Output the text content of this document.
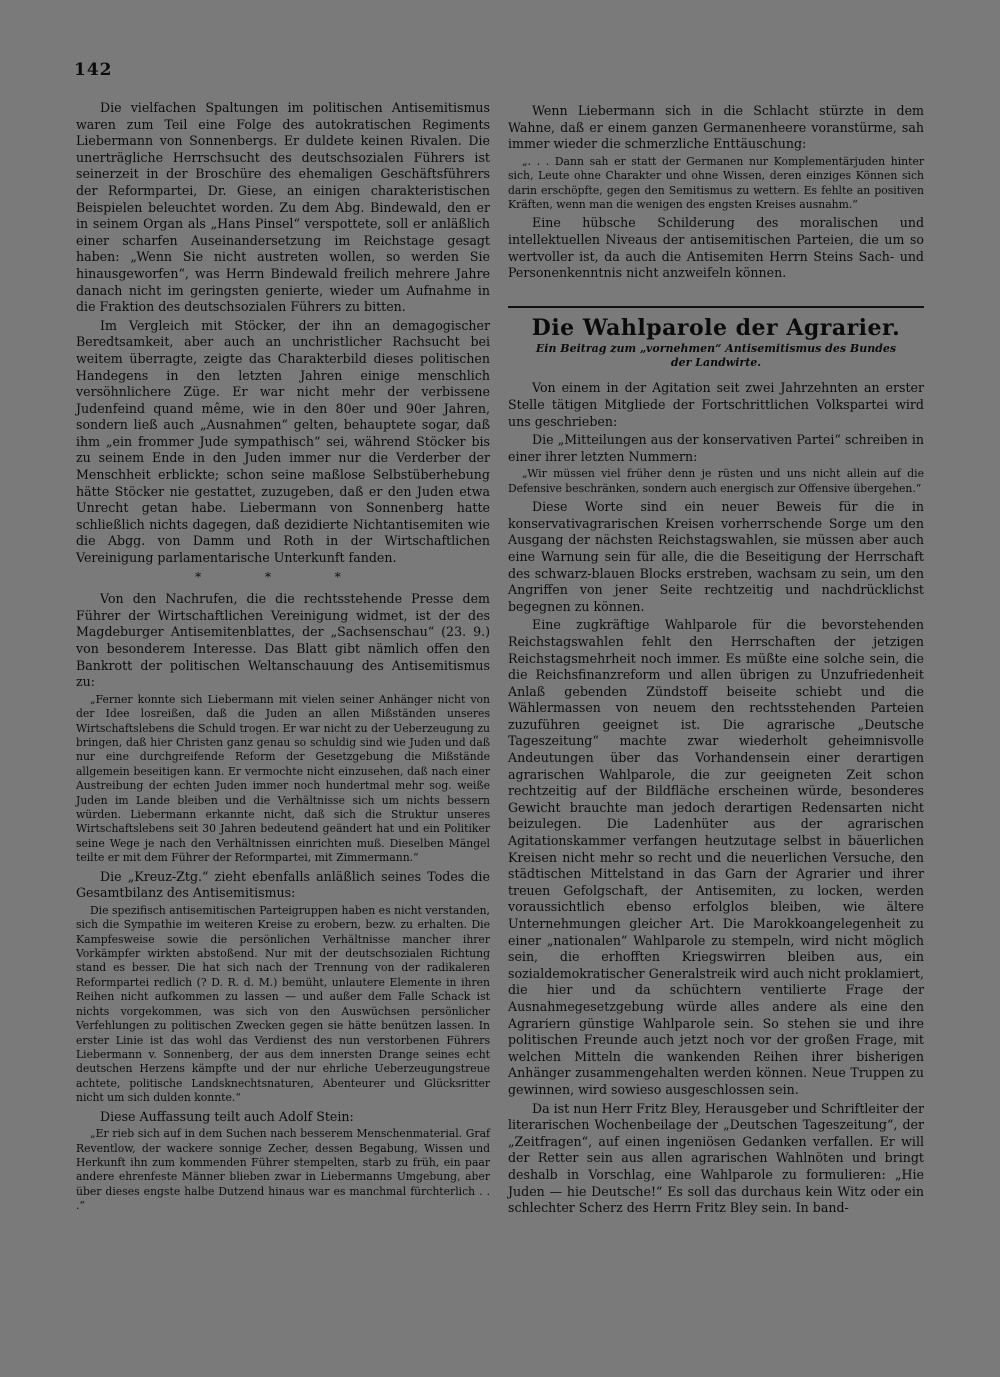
142

Die vielfachen Spaltungen im politischen Antisemitismus waren zum Teil eine Folge des autokratischen Regiments Liebermann von Sonnenbergs. Er duldete keinen Rivalen. Die unerträgliche Herrschsucht des deutschsozialen Führers ist seinerzeit in der Broschüre des ehemaligen Geschäftsführers der Reformpartei, Dr. Giese, an einigen charakteristischen Beispielen beleuchtet worden. Zu dem Abg. Bindewald, den er in seinem Organ als „Hans Pinsel“ verspottete, soll er anläßlich einer scharfen Auseinandersetzung im Reichstage gesagt haben: „Wenn Sie nicht austreten wollen, so werden Sie hinausgeworfen“, was Herrn Bindewald freilich mehrere Jahre danach nicht im geringsten genierte, wieder um Aufnahme in die Fraktion des deutschsozialen Führers zu bitten.

Im Vergleich mit Stöcker, der ihn an demagogischer Beredtsamkeit, aber auch an unchristlicher Rachsucht bei weitem überragte, zeigte das Charakterbild dieses politischen Handegens in den letzten Jahren einige menschlich versöhnlichere Züge. Er war nicht mehr der verbissene Judenfeind quand même, wie in den 80er und 90er Jahren, sondern ließ auch „Ausnahmen“ gelten, behauptete sogar, daß ihm „ein frommer Jude sympathisch“ sei, während Stöcker bis zu seinem Ende in den Juden immer nur die Verderber der Menschheit erblickte; schon seine maßlose Selbstüberhebung hätte Stöcker nie gestattet, zuzugeben, daß er den Juden etwa Unrecht getan habe. Liebermann von Sonnenberg hatte schließlich nichts dagegen, daß dezidierte Nichtantisemiten wie die Abgg. von Damm und Roth in der Wirtschaftlichen Vereinigung parlamentarische Unterkunft fanden.

* * *

Von den Nachrufen, die die rechtsstehende Presse dem Führer der Wirtschaftlichen Vereinigung widmet, ist der des Magdeburger Antisemitenblattes, der „Sachsenschau“ (23. 9.) von besonderem Interesse. Das Blatt gibt nämlich offen den Bankrott der politischen Weltanschauung des Antisemitismus zu:

„Ferner konnte sich Liebermann mit vielen seiner Anhänger nicht von der Idee losreißen, daß die Juden an allen Mißständen unseres Wirtschaftslebens die Schuld trogen. Er war nicht zu der Ueberzeugung zu bringen, daß hier Christen ganz genau so schuldig sind wie Juden und daß nur eine durchgreifende Reform der Gesetzgebung die Mißstände allgemein beseitigen kann. Er vermochte nicht einzusehen, daß nach einer Austreibung der echten Juden immer noch hundertmal mehr sog. weiße Juden im Lande bleiben und die Verhältnisse sich um nichts bessern würden. Liebermann erkannte nicht, daß sich die Struktur unseres Wirtschaftslebens seit 30 Jahren bedeutend geändert hat und ein Politiker seine Wege je nach den Verhältnissen einrichten muß. Dieselben Mängel teilte er mit dem Führer der Reformpartei, mit Zimmermann.“

Die „Kreuz-Ztg.“ zieht ebenfalls anläßlich seines Todes die Gesamtbilanz des Antisemitismus:

Die spezifisch antisemitischen Parteigruppen haben es nicht verstanden, sich die Sympathie im weiteren Kreise zu erobern, bezw. zu erhalten. Die Kampfesweise sowie die persönlichen Verhältnisse mancher ihrer Vorkämpfer wirkten abstoßend. Nur mit der deutschsozialen Richtung stand es besser. Die hat sich nach der Trennung von der radikaleren Reformpartei redlich (? D. R. d. M.) bemüht, unlautere Elemente in ihren Reihen nicht aufkommen zu lassen — und außer dem Falle Schack ist nichts vorgekommen, was sich von den Auswüchsen persönlicher Verfehlungen zu politischen Zwecken gegen sie hätte benützen lassen. In erster Linie ist das wohl das Verdienst des nun verstorbenen Führers Liebermann v. Sonnenberg, der aus dem innersten Drange seines echt deutschen Herzens kämpfte und der nur ehrliche Ueberzeugungstreue achtete, politische Landsknechtsnaturen, Abenteurer und Glücksritter nicht um sich dulden konnte.“

Diese Auffassung teilt auch Adolf Stein:

„Er rieb sich auf in dem Suchen nach besserem Menschenmaterial. Graf Reventlow, der wackere sonnige Zecher, dessen Begabung, Wissen und Herkunft ihn zum kommenden Führer stempelten, starb zu früh, ein paar andere ehrenfeste Männer blieben zwar in Liebermanns Umgebung, aber über dieses engste halbe Dutzend hinaus war es manchmal fürchterlich . . .“

Wenn Liebermann sich in die Schlacht stürzte in dem Wahne, daß er einem ganzen Germanenheere voranstürme, sah immer wieder die schmerzliche Enttäuschung:

„. . . Dann sah er statt der Germanen nur Komplementärjuden hinter sich, Leute ohne Charakter und ohne Wissen, deren einziges Können sich darin erschöpfte, gegen den Semitismus zu wettern. Es fehlte an positiven Kräften, wenn man die wenigen des engsten Kreises ausnahm.“

Eine hübsche Schilderung des moralischen und intellektuellen Niveaus der antisemitischen Parteien, die um so wertvoller ist, da auch die Antisemiten Herrn Steins Sach- und Personenkenntnis nicht anzweifeln können.

Die Wahlparole der Agrarier.
Ein Beitrag zum „vornehmen“ Antisemitismus des Bundes der Landwirte.

Von einem in der Agitation seit zwei Jahrzehnten an erster Stelle tätigen Mitgliede der Fortschrittlichen Volkspartei wird uns geschrieben:

Die „Mitteilungen aus der konservativen Partei“ schreiben in einer ihrer letzten Nummern:

„Wir müssen viel früher denn je rüsten und uns nicht allein auf die Defensive beschränken, sondern auch energisch zur Offensive übergehen.“

Diese Worte sind ein neuer Beweis für die in konservativagrarischen Kreisen vorherrschende Sorge um den Ausgang der nächsten Reichstagswahlen, sie müssen aber auch eine Warnung sein für alle, die die Beseitigung der Herrschaft des schwarz-blauen Blocks erstreben, wachsam zu sein, um den Angriffen von jener Seite rechtzeitig und nachdrücklichst begegnen zu können.

Eine zugkräftige Wahlparole für die bevorstehenden Reichstagswahlen fehlt den Herrschaften der jetzigen Reichstagsmehrheit noch immer. Es müßte eine solche sein, die die Reichsfinanzreform und allen übrigen zu Unzufriedenheit Anlaß gebenden Zündstoff beiseite schiebt und die Wählermassen von neuem den rechtsstehenden Parteien zuzuführen geeignet ist. Die agrarische „Deutsche Tageszeitung“ machte zwar wiederholt geheimnisvolle Andeutungen über das Vorhandensein einer derartigen agrarischen Wahlparole, die zur geeigneten Zeit schon rechtzeitig auf der Bildfläche erscheinen würde, besonderes Gewicht brauchte man jedoch derartigen Redensarten nicht beizulegen. Die Ladenhüter aus der agrarischen Agitationskammer verfangen heutzutage selbst in bäuerlichen Kreisen nicht mehr so recht und die neuerlichen Versuche, den städtischen Mittelstand in das Garn der Agrarier und ihrer treuen Gefolgschaft, der Antisemiten, zu locken, werden voraussichtlich ebenso erfolglos bleiben, wie ältere Unternehmungen gleicher Art. Die Marokkoangelegenheit zu einer „nationalen“ Wahlparole zu stempeln, wird nicht möglich sein, die erhofften Kriegswirren bleiben aus, ein sozialdemokratischer Generalstreik wird auch nicht proklamiert, die hier und da schüchtern ventilierte Frage der Ausnahmegesetzgebung würde alles andere als eine den Agrariern günstige Wahlparole sein. So stehen sie und ihre politischen Freunde auch jetzt noch vor der großen Frage, mit welchen Mitteln die wankenden Reihen ihrer bisherigen Anhänger zusammengehalten werden können. Neue Truppen zu gewinnen, wird sowieso ausgeschlossen sein.

Da ist nun Herr Fritz Bley, Herausgeber und Schriftleiter der literarischen Wochenbeilage der „Deutschen Tageszeitung“, der „Zeitfragen“, auf einen ingeniösen Gedanken verfallen. Er will der Retter sein aus allen agrarischen Wahlnöten und bringt deshalb in Vorschlag, eine Wahlparole zu formulieren: „Hie Juden — hie Deutsche!“ Es soll das durchaus kein Witz oder ein schlechter Scherz des Herrn Fritz Bley sein. In band-
